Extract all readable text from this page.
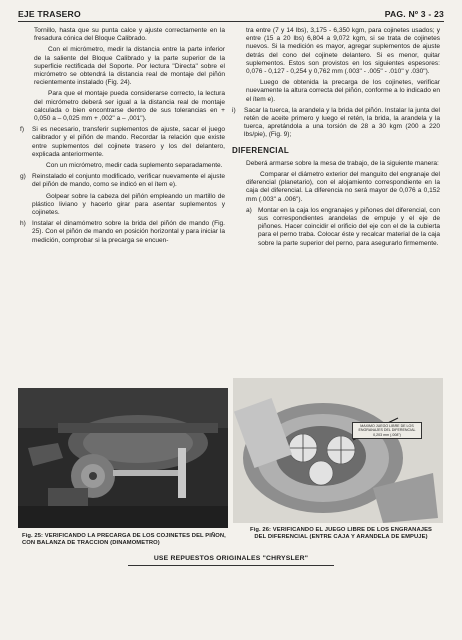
EJE TRASERO	PAG. Nº 3 - 23

Tornillo, hasta que su punta calce y ajuste correctamente en la fresadura cónica del Bloque Calibrado.

Con el micrómetro, medir la distancia entre la parte inferior de la saliente del Bloque Calibrado y la parte superior de la superficie rectificada del Soporte. Por lectura "Directa" sobre el micrómetro se obtendrá la distancia real de montaje del piñón recientemente instalado (Fig. 24).

Para que el montaje pueda considerarse correcto, la lectura del micrómetro deberá ser igual a la distancia real de montaje calculada o bien encontrarse dentro de sus tolerancias en + 0,050 a – 0,025 mm + ,002" a – ,001").

f) Si es necesario, transferir suplementos de ajuste, sacar el juego calibrador y el piñón de mando. Recordar la relación que existe entre suplementos del cojinete trasero y los del delantero, explicada anteriormente.

Con un micrómetro, medir cada suplemento separadamente.

g) Reinstalado el conjunto modificado, verificar nuevamente el ajuste del piñón de mando, como se indicó en el ítem e).

Golpear sobre la cabeza del piñón empleando un martillo de plástico liviano y hacerlo girar para asentar suplementos y cojinetes.

h) Instalar el dinamómetro sobre la brida del piñón de mando (Fig. 25). Con el piñón de mando en posición horizontal y para iniciar la medición, comprobar si la precarga se encuen-

tra entre (7 y 14 lbs), 3,175 - 6,350 kgm, para cojinetes usados; y entre (15 a 20 lbs) 6,804 a 9,072 kgm, si se trata de cojinetes nuevos. Si la medición es mayor, agregar suplementos de ajuste detrás del cono del cojinete delantero. Si es menor, quitar suplementos. Estos son provistos en los siguientes espesores: 0,076 - 0,127 - 0,254 y 0,762 mm (.003" - .005" - .010" y .030").

Luego de obtenida la precarga de los cojinetes, verificar nuevamente la altura correcta del piñón, conforme a lo indicado en el ítem e).

i) Sacar la tuerca, la arandela y la brida del piñón. Instalar la junta del retén de aceite primero y luego el retén, la brida, la arandela y la tuerca, apretándola a una torsión de 28 a 30 kgm (200 a 220 lbs/pie), (Fig. 9);

DIFERENCIAL

Deberá armarse sobre la mesa de trabajo, de la siguiente manera:

Comparar el diámetro exterior del manguito del engranaje del diferencial (planetario), con el alojamiento correspondiente en la caja del diferencial. La diferencia no será mayor de 0,076 a 0,152 mm (.003" a .006").

a) Montar en la caja los engranajes y piñones del diferencial, con sus correspondientes arandelas de empuje y el eje de piñones. Hacer coincidir el orificio del eje con el de la cubierta para el perno traba. Colocar éste y recalcar material de la caja sobre la parte superior del perno, para asegurarlo firmemente.

MAXIMO JUEGO LIBRE DE LOS ENGRANAJES DEL DIFERENCIAL 0,203 mm (.008")
Fig. 25: VERIFICANDO LA PRECARGA DE LOS COJINETES DEL PIÑON, CON BALANZA DE TRACCION (DINAMOMETRO)
Fig. 26: VERIFICANDO EL JUEGO LIBRE DE LOS ENGRANAJES DEL DIFERENCIAL (ENTRE CAJA Y ARANDELA DE EMPUJE)
USE REPUESTOS ORIGINALES "CHRYSLER"
